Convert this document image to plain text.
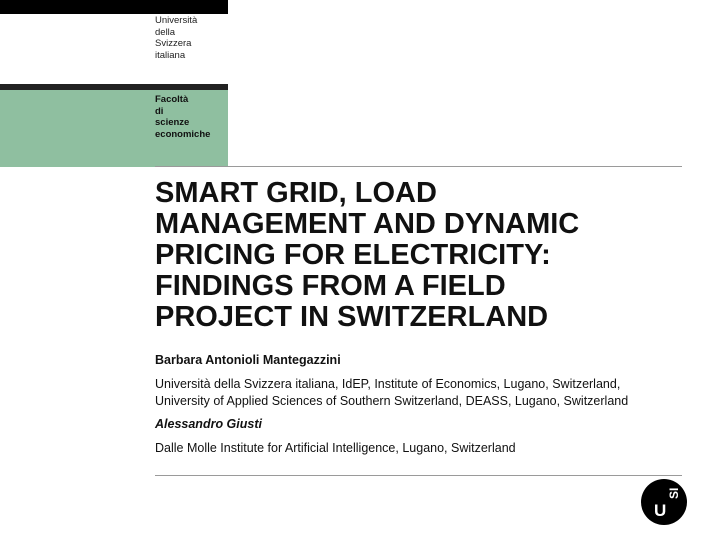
Università
della
Svizzera
italiana
Facoltà
di
scienze
economiche
SMART GRID, LOAD
MANAGEMENT AND DYNAMIC
PRICING FOR ELECTRICITY:
FINDINGS FROM A FIELD
PROJECT IN SWITZERLAND
Barbara Antonioli Mantegazzini
Università della Svizzera italiana, IdEP, Institute of Economics, Lugano, Switzerland,
University of Applied Sciences of Southern Switzerland, DEASS, Lugano, Switzerland
Alessandro Giusti
Dalle Molle Institute for Artificial Intelligence, Lugano, Switzerland
U
SI
